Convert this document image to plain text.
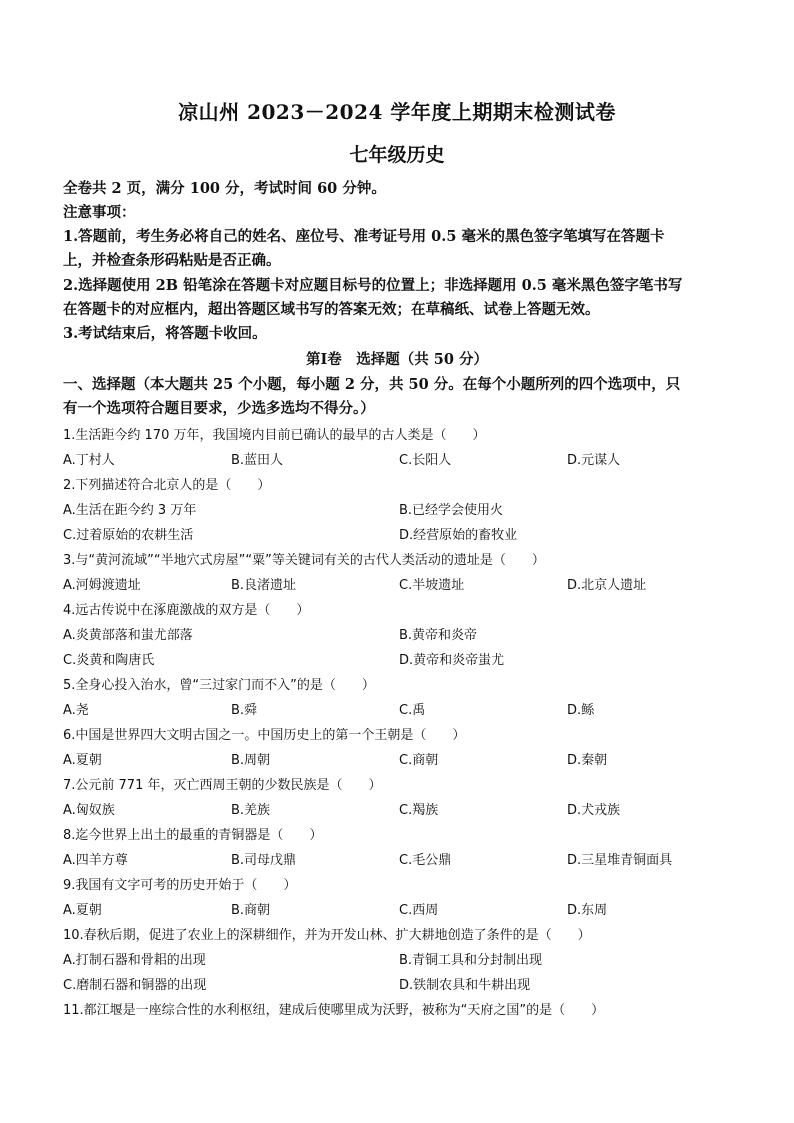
凉山州 2023－2024 学年度上期期末检测试卷
七年级历史
全卷共 2 页，满分 100 分，考试时间 60 分钟。
注意事项：
1.答题前，考生务必将自己的姓名、座位号、准考证号用 0.5 毫米的黑色签字笔填写在答题卡
上，并检查条形码粘贴是否正确。
2.选择题使用 2B 铅笔涂在答题卡对应题目标号的位置上；非选择题用 0.5 毫米黑色签字笔书写
在答题卡的对应框内，超出答题区域书写的答案无效；在草稿纸、试卷上答题无效。
3.考试结束后，将答题卡收回。
第Ⅰ卷　选择题（共 50 分）
一、选择题（本大题共 25 个小题，每小题 2 分，共 50 分。在每个小题所列的四个选项中，只
有一个选项符合题目要求，少选多选均不得分。）
1.生活距今约 170 万年，我国境内目前已确认的最早的古人类是（　　）
A.丁村人	B.蓝田人	C.长阳人	D.元谋人
2.下列描述符合北京人的是（　　）
A.生活在距今约 3 万年	B.已经学会使用火
C.过着原始的农耕生活	D.经营原始的畜牧业
3.与“黄河流域”“半地穴式房屋”“粟”等关键词有关的古代人类活动的遗址是（　　）
A.河姆渡遗址	B.良渚遗址	C.半坡遗址	D.北京人遗址
4.远古传说中在涿鹿激战的双方是（　　）
A.炎黄部落和蚩尤部落	B.黄帝和炎帝
C.炎黄和陶唐氏	D.黄帝和炎帝蚩尤
5.全身心投入治水，曾“三过家门而不入”的是（　　）
A.尧	B.舜	C.禹	D.鲧
6.中国是世界四大文明古国之一。中国历史上的第一个王朝是（　　）
A.夏朝	B.周朝	C.商朝	D.秦朝
7.公元前 771 年，灭亡西周王朝的少数民族是（　　）
A.匈奴族	B.羌族	C.羯族	D.犬戎族
8.迄今世界上出土的最重的青铜器是（　　）
A.四羊方尊	B.司母戊鼎	C.毛公鼎	D.三星堆青铜面具
9.我国有文字可考的历史开始于（　　）
A.夏朝	B.商朝	C.西周	D.东周
10.春秋后期，促进了农业上的深耕细作，并为开发山林、扩大耕地创造了条件的是（　　）
A.打制石器和骨耜的出现	B.青铜工具和分封制出现
C.磨制石器和铜器的出现	D.铁制农具和牛耕出现
11.都江堰是一座综合性的水利枢纽，建成后使哪里成为沃野，被称为“天府之国”的是（　　）
